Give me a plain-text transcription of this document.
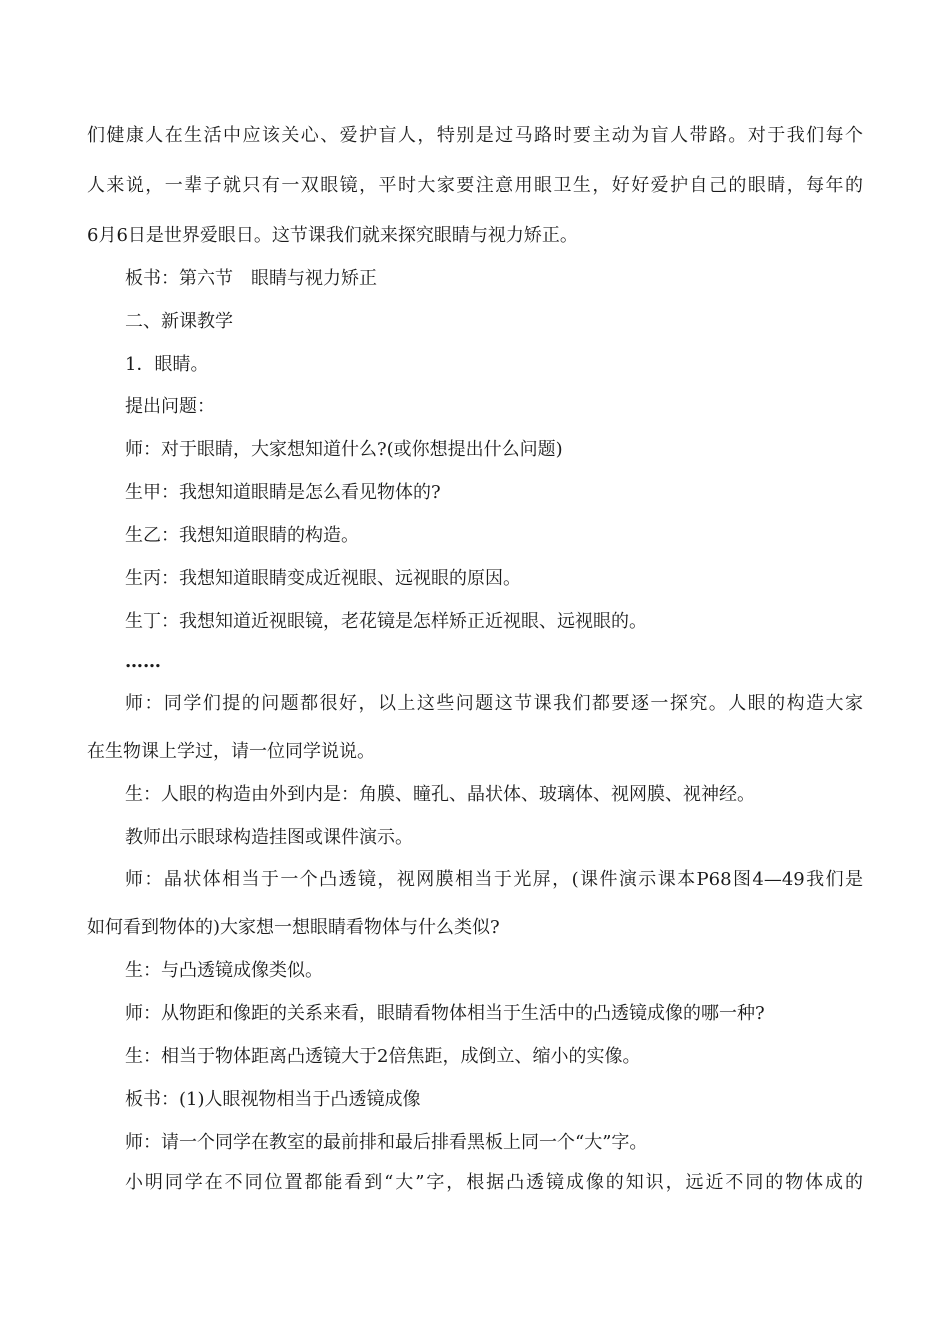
们健康人在生活中应该关心、爱护盲人，特别是过马路时要主动为盲人带路。对于我们每个
人来说，一辈子就只有一双眼镜，平时大家要注意用眼卫生，好好爱护自己的眼睛，每年的
6月6日是世界爱眼日。这节课我们就来探究眼睛与视力矫正。
板书：第六节　眼睛与视力矫正
二、新课教学
1．眼睛。
提出问题：
师：对于眼睛，大家想知道什么?(或你想提出什么问题)
生甲：我想知道眼睛是怎么看见物体的?
生乙：我想知道眼睛的构造。
生丙：我想知道眼睛变成近视眼、远视眼的原因。
生丁：我想知道近视眼镜，老花镜是怎样矫正近视眼、远视眼的。
……
师：同学们提的问题都很好，以上这些问题这节课我们都要逐一探究。人眼的构造大家
在生物课上学过，请一位同学说说。
生：人眼的构造由外到内是：角膜、瞳孔、晶状体、玻璃体、视网膜、视神经。
教师出示眼球构造挂图或课件演示。
师：晶状体相当于一个凸透镜，视网膜相当于光屏，(课件演示课本P68图4—49我们是
如何看到物体的)大家想一想眼睛看物体与什么类似?
生：与凸透镜成像类似。
师：从物距和像距的关系来看，眼睛看物体相当于生活中的凸透镜成像的哪一种?
生：相当于物体距离凸透镜大于2倍焦距，成倒立、缩小的实像。
板书：(1)人眼视物相当于凸透镜成像
师：请一个同学在教室的最前排和最后排看黑板上同一个“大”字。
小明同学在不同位置都能看到“大”字，根据凸透镜成像的知识，远近不同的物体成的
